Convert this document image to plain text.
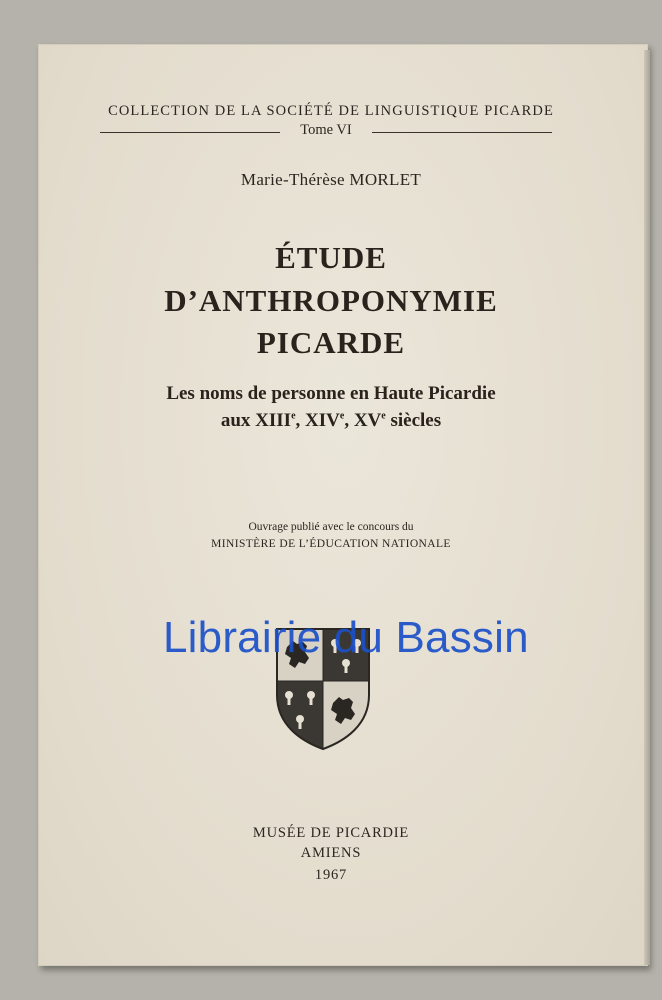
COLLECTION DE LA SOCIÉTÉ DE LINGUISTIQUE PICARDE
Tome VI
Marie-Thérèse MORLET
ÉTUDE
D’ANTHROPONYMIE
PICARDE
Les noms de personne en Haute Picardie
aux XIIIe, XIVe, XVe siècles
Ouvrage publié avec le concours du
MINISTÈRE DE L’ÉDUCATION NATIONALE
Librairie du Bassin
MUSÉE DE PICARDIE
AMIENS
1967
